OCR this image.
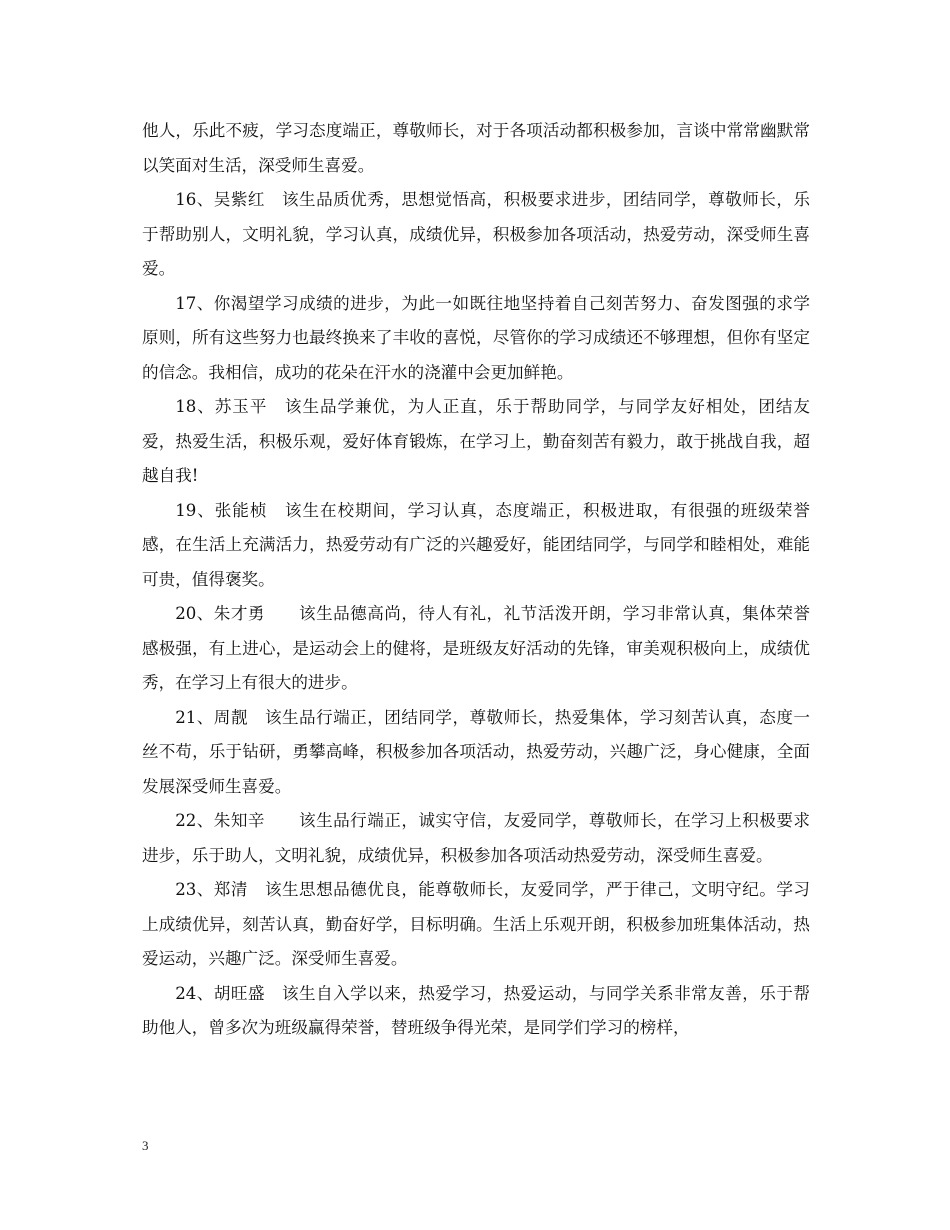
他人，乐此不疲，学习态度端正，尊敬师长，对于各项活动都积极参加，言谈中常常幽默常以笑面对生活，深受师生喜爱。

16、吴紫红　该生品质优秀，思想觉悟高，积极要求进步，团结同学，尊敬师长，乐于帮助别人，文明礼貌，学习认真，成绩优异，积极参加各项活动，热爱劳动，深受师生喜爱。

17、你渴望学习成绩的进步，为此一如既往地坚持着自己刻苦努力、奋发图强的求学原则，所有这些努力也最终换来了丰收的喜悦，尽管你的学习成绩还不够理想，但你有坚定的信念。我相信，成功的花朵在汗水的浇灌中会更加鲜艳。

18、苏玉平　该生品学兼优，为人正直，乐于帮助同学，与同学友好相处，团结友爱，热爱生活，积极乐观，爱好体育锻炼，在学习上，勤奋刻苦有毅力，敢于挑战自我，超越自我!

19、张能桢　该生在校期间，学习认真，态度端正，积极进取，有很强的班级荣誉感，在生活上充满活力，热爱劳动有广泛的兴趣爱好，能团结同学，与同学和睦相处，难能可贵，值得褒奖。

20、朱才勇　　该生品德高尚，待人有礼，礼节活泼开朗，学习非常认真，集体荣誉感极强，有上进心，是运动会上的健将，是班级友好活动的先锋，审美观积极向上，成绩优秀，在学习上有很大的进步。

21、周靓　该生品行端正，团结同学，尊敬师长，热爱集体，学习刻苦认真，态度一丝不苟，乐于钻研，勇攀高峰，积极参加各项活动，热爱劳动，兴趣广泛，身心健康，全面发展深受师生喜爱。

22、朱知辛　　该生品行端正，诚实守信，友爱同学，尊敬师长，在学习上积极要求进步，乐于助人，文明礼貌，成绩优异，积极参加各项活动热爱劳动，深受师生喜爱。

23、郑清　该生思想品德优良，能尊敬师长，友爱同学，严于律己，文明守纪。学习上成绩优异，刻苦认真，勤奋好学，目标明确。生活上乐观开朗，积极参加班集体活动，热爱运动，兴趣广泛。深受师生喜爱。

24、胡旺盛　该生自入学以来，热爱学习，热爱运动，与同学关系非常友善，乐于帮助他人，曾多次为班级赢得荣誉，替班级争得光荣，是同学们学习的榜样，

3
